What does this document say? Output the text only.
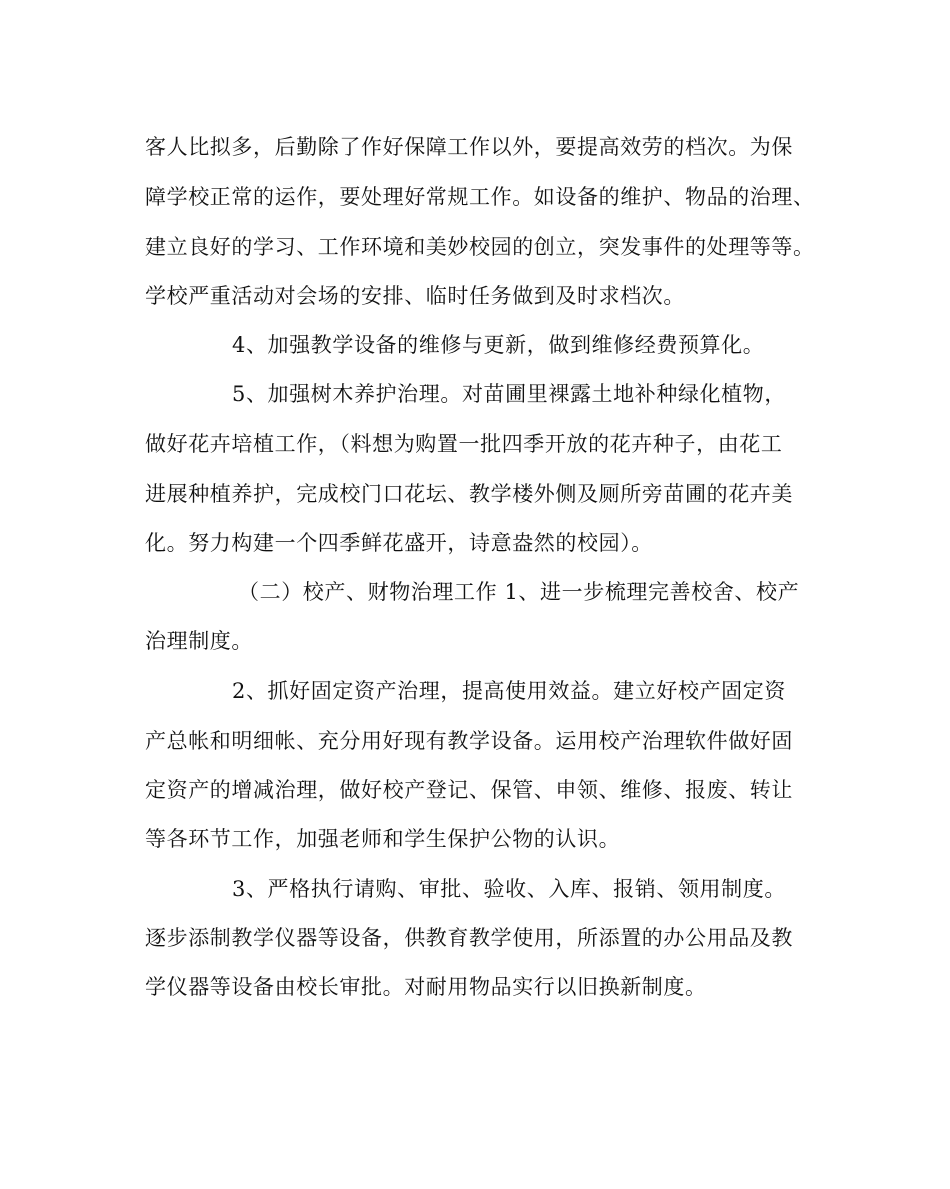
客人比拟多，后勤除了作好保障工作以外，要提高效劳的档次。为保
障学校正常的运作，要处理好常规工作。如设备的维护、物品的治理、
建立良好的学习、工作环境和美妙校园的创立，突发事件的处理等等。
学校严重活动对会场的安排、临时任务做到及时求档次。
4、加强教学设备的维修与更新，做到维修经费预算化。
5、加强树木养护治理。对苗圃里裸露土地补种绿化植物，
做好花卉培植工作，（料想为购置一批四季开放的花卉种子，由花工
进展种植养护，完成校门口花坛、教学楼外侧及厕所旁苗圃的花卉美
化。努力构建一个四季鲜花盛开，诗意盎然的校园）。
（二）校产、财物治理工作 1、进一步梳理完善校舍、校产
治理制度。
2、抓好固定资产治理，提高使用效益。建立好校产固定资
产总帐和明细帐、充分用好现有教学设备。运用校产治理软件做好固
定资产的增减治理，做好校产登记、保管、申领、维修、报废、转让
等各环节工作，加强老师和学生保护公物的认识。
3、严格执行请购、审批、验收、入库、报销、领用制度。
逐步添制教学仪器等设备，供教育教学使用，所添置的办公用品及教
学仪器等设备由校长审批。对耐用物品实行以旧换新制度。
